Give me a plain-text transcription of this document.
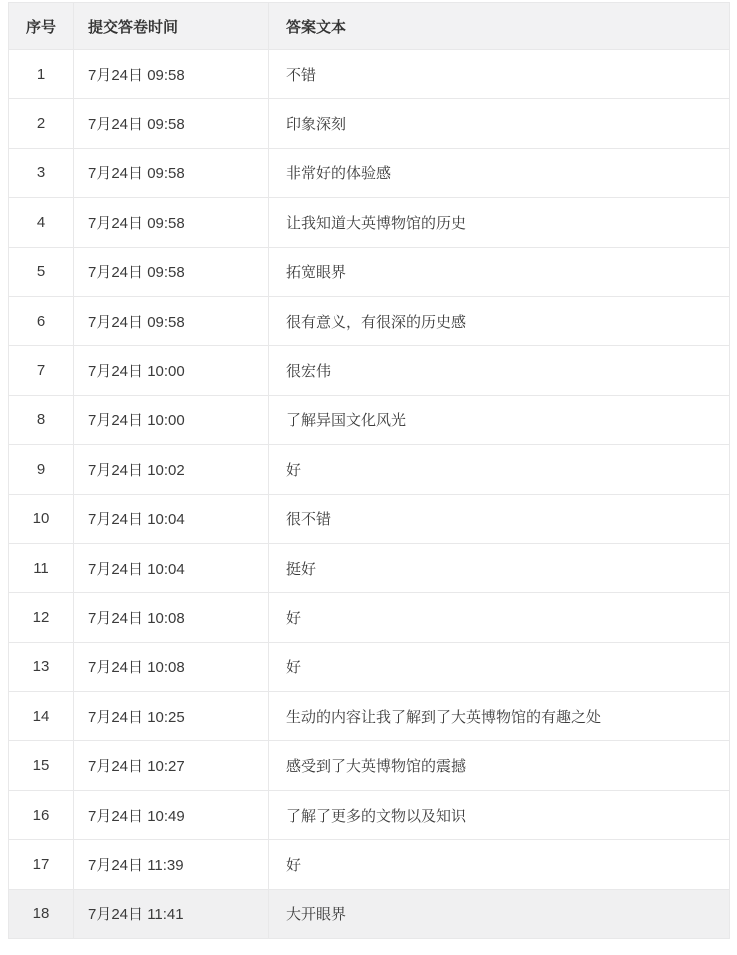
序号	提交答卷时间	答案文本
1	7月24日 09:58	不错
2	7月24日 09:58	印象深刻
3	7月24日 09:58	非常好的体验感
4	7月24日 09:58	让我知道大英博物馆的历史
5	7月24日 09:58	拓宽眼界
6	7月24日 09:58	很有意义，有很深的历史感
7	7月24日 10:00	很宏伟
8	7月24日 10:00	了解异国文化风光
9	7月24日 10:02	好
10	7月24日 10:04	很不错
11	7月24日 10:04	挺好
12	7月24日 10:08	好
13	7月24日 10:08	好
14	7月24日 10:25	生动的内容让我了解到了大英博物馆的有趣之处
15	7月24日 10:27	感受到了大英博物馆的震撼
16	7月24日 10:49	了解了更多的文物以及知识
17	7月24日 11:39	好
18	7月24日 11:41	大开眼界
